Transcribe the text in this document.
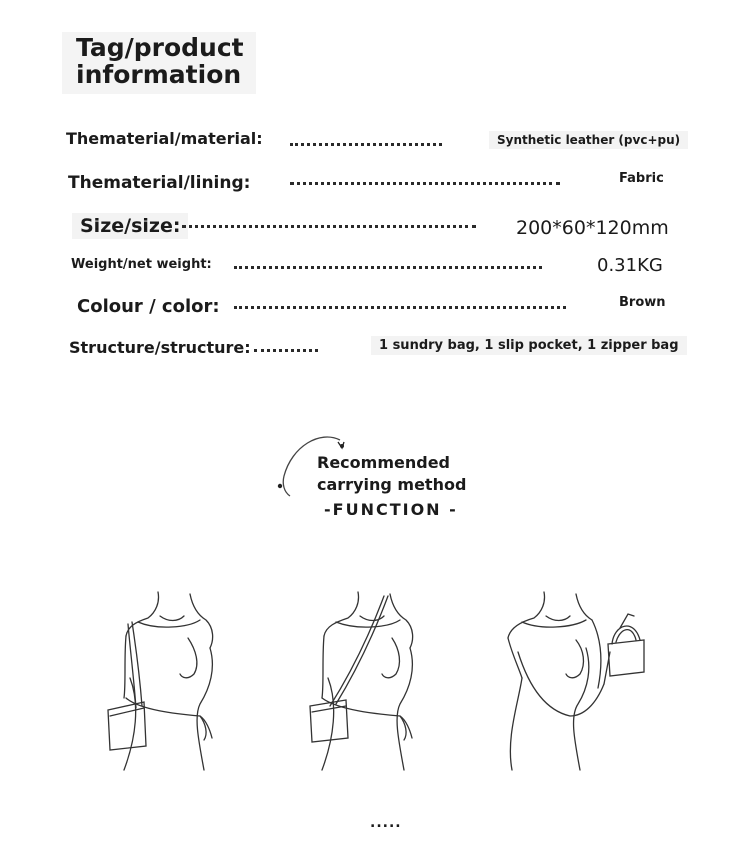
Tag/product
information
Thematerial/material:	Synthetic leather (pvc+pu)
Thematerial/lining:	Fabric
Size/size:	200*60*120mm
Weight/net weight:	0.31KG
Colour / color:	Brown
Structure/structure:	1 sundry bag, 1 slip pocket, 1 zipper bag
Recommended
carrying method
-FUNCTION -
.....
